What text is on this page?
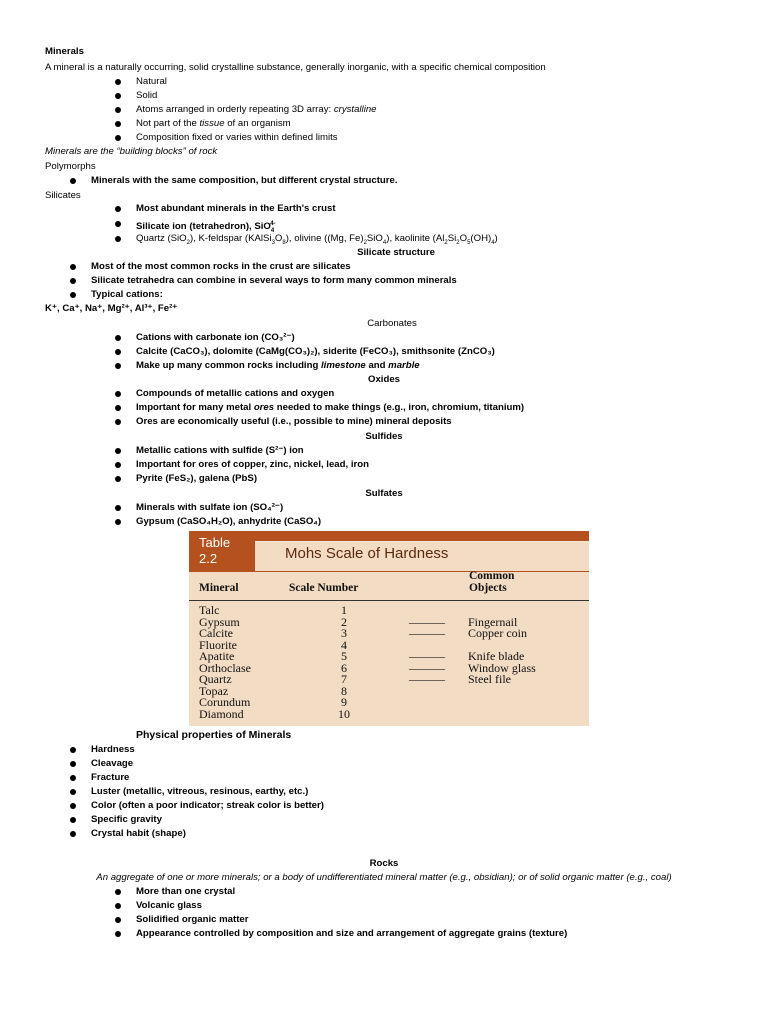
Minerals
A mineral is a naturally occurring, solid crystalline substance, generally inorganic, with a specific chemical composition
Natural
Solid
Atoms arranged in orderly repeating 3D array: crystalline
Not part of the tissue of an organism
Composition fixed or varies within defined limits
Minerals are the “building blocks” of rock
Polymorphs
Minerals with the same composition, but different crystal structure.
Silicates
Most abundant minerals in the Earth's crust
Silicate ion (tetrahedron), SiO$_4^{4-}$
Quartz (SiO$_2$), K-feldspar $(KAlSi_3O_8)$, olivine ((Mg, $Fe)_2SiO_4$), kaolinite $(Al_2Si_2O_5(OH)_4)$
Silicate structure
Most of the most common rocks in the crust are silicates
Silicate tetrahedra can combine in several ways to form many common minerals
Typical cations:
K⁺, Ca⁺, Na⁺, Mg²⁺, Al³⁺, Fe²⁺
Carbonates
Cations with carbonate ion (CO₃²⁻)
Calcite (CaCO₃), dolomite (CaMg(CO₃)₂), siderite (FeCO₃), smithsonite (ZnCO₃)
Make up many common rocks including limestone and marble
Oxides
Compounds of metallic cations and oxygen
Important for many metal ores needed to make things (e.g., iron, chromium, titanium)
Ores are economically useful (i.e., possible to mine) mineral deposits
Sulfides
Metallic cations with sulfide (S²⁻) ion
Important for ores of copper, zinc, nickel, lead, iron
Pyrite (FeS₂), galena (PbS)
Sulfates
Minerals with sulfate ion (SO₄²⁻)
Gypsum (CaSO₄H₂O), anhydrite (CaSO₄)
Table
2.2	Mohs Scale of Hardness
Mineral	Scale Number
Common
Objects
Talc	1
Gypsum	2	——— Fingernail
Calcite	3	——— Copper coin
Fluorite	4
Apatite	5	——— Knife blade
Orthoclase	6	——— Window glass
Quartz	7	——— Steel file
Topaz	8
Corundum	9
Diamond	10
Physical properties of Minerals
Hardness
Cleavage
Fracture
Luster (metallic, vitreous, resinous, earthy, etc.)
Color (often a poor indicator; streak color is better)
Specific gravity
Crystal habit (shape)
Rocks
An aggregate of one or more minerals; or a body of undifferentiated mineral matter (e.g., obsidian); or of solid organic matter (e.g., coal)
More than one crystal
Volcanic glass
Solidified organic matter
Appearance controlled by composition and size and arrangement of aggregate grains (texture)
